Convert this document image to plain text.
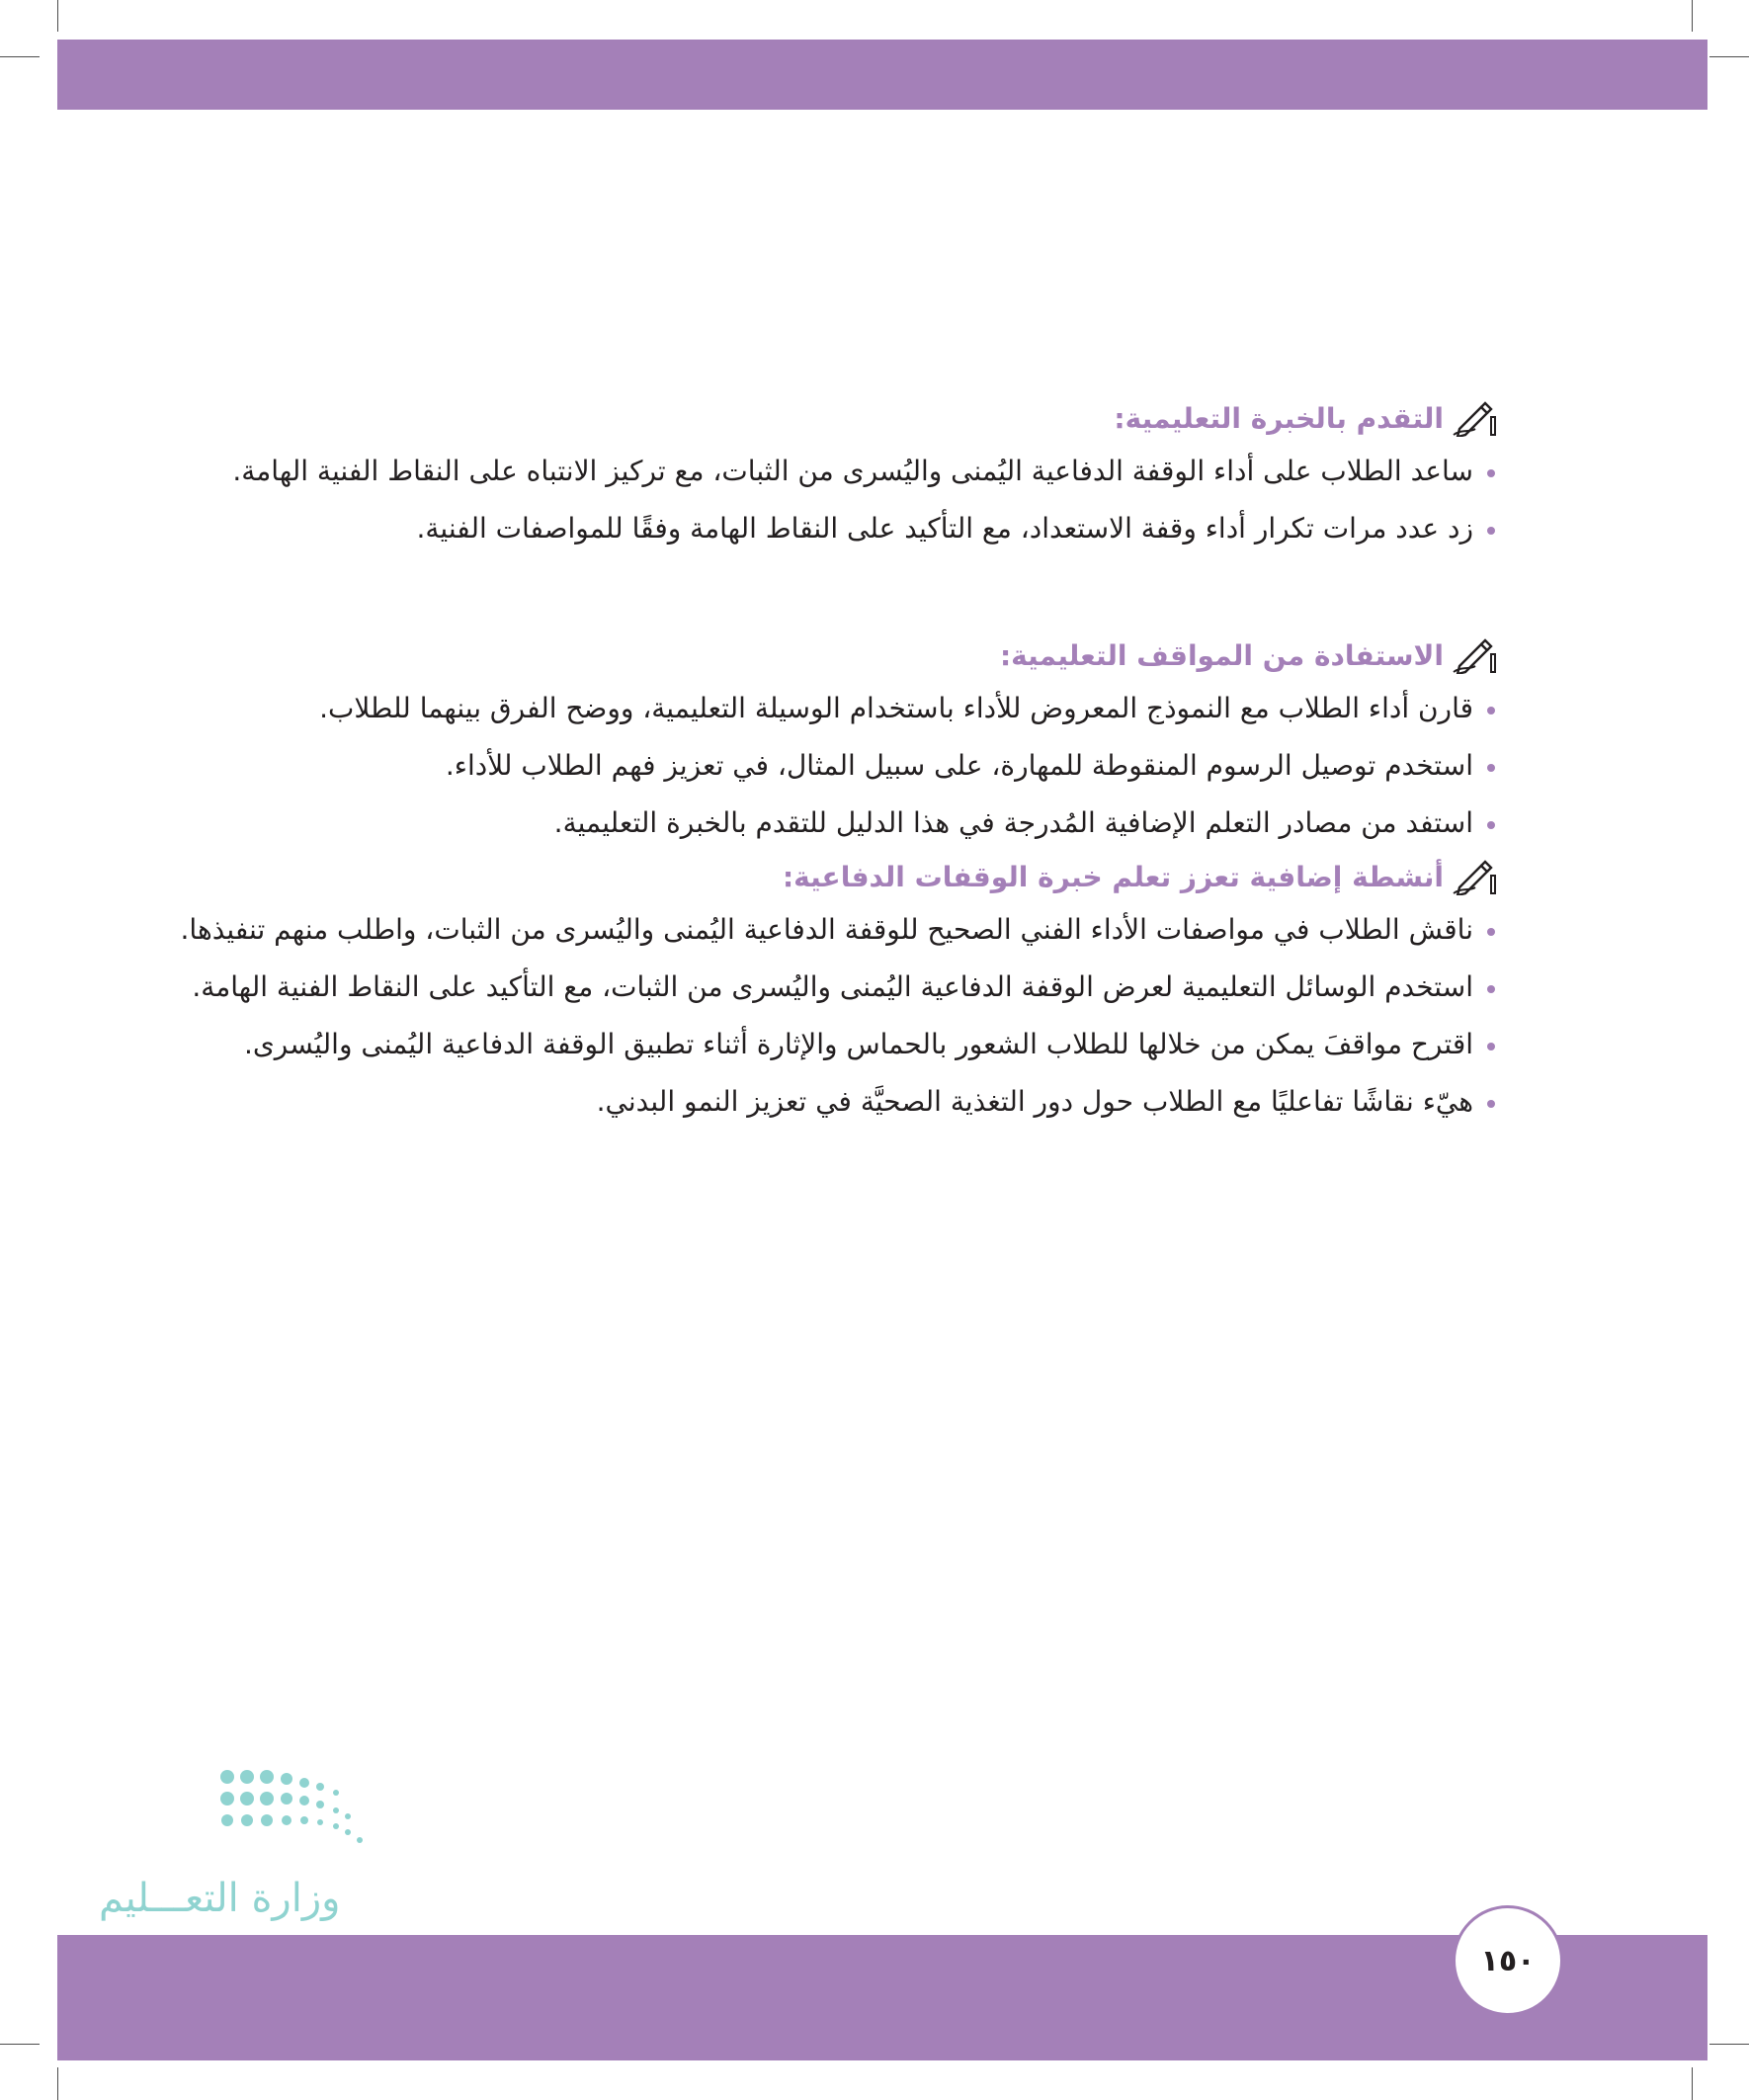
التقدم بالخبرة التعليمية:
ساعد الطلاب على أداء الوقفة الدفاعية اليُمنى واليُسرى من الثبات، مع تركيز الانتباه على النقاط الفنية الهامة.
زد عدد مرات تكرار أداء وقفة الاستعداد، مع التأكيد على النقاط الهامة وفقًا للمواصفات الفنية.
الاستفادة من المواقف التعليمية:
قارن أداء الطلاب مع النموذج المعروض للأداء باستخدام الوسيلة التعليمية، ووضح الفرق بينهما للطلاب.
استخدم توصيل الرسوم المنقوطة للمهارة، على سبيل المثال، في تعزيز فهم الطلاب للأداء.
استفد من مصادر التعلم الإضافية المُدرجة في هذا الدليل للتقدم بالخبرة التعليمية.
أنشطة إضافية تعزز تعلم خبرة الوقفات الدفاعية:
ناقش الطلاب في مواصفات الأداء الفني الصحيح للوقفة الدفاعية اليُمنى واليُسرى من الثبات، واطلب منهم تنفيذها.
استخدم الوسائل التعليمية لعرض الوقفة الدفاعية اليُمنى واليُسرى من الثبات، مع التأكيد على النقاط الفنية الهامة.
اقترح مواقفَ يمكن من خلالها للطلاب الشعور بالحماس والإثارة أثناء تطبيق الوقفة الدفاعية اليُمنى واليُسرى.
هيّء نقاشًا تفاعليًا مع الطلاب حول دور التغذية الصحيَّة في تعزيز النمو البدني.
وزارة التعـــليم
١٥٠
